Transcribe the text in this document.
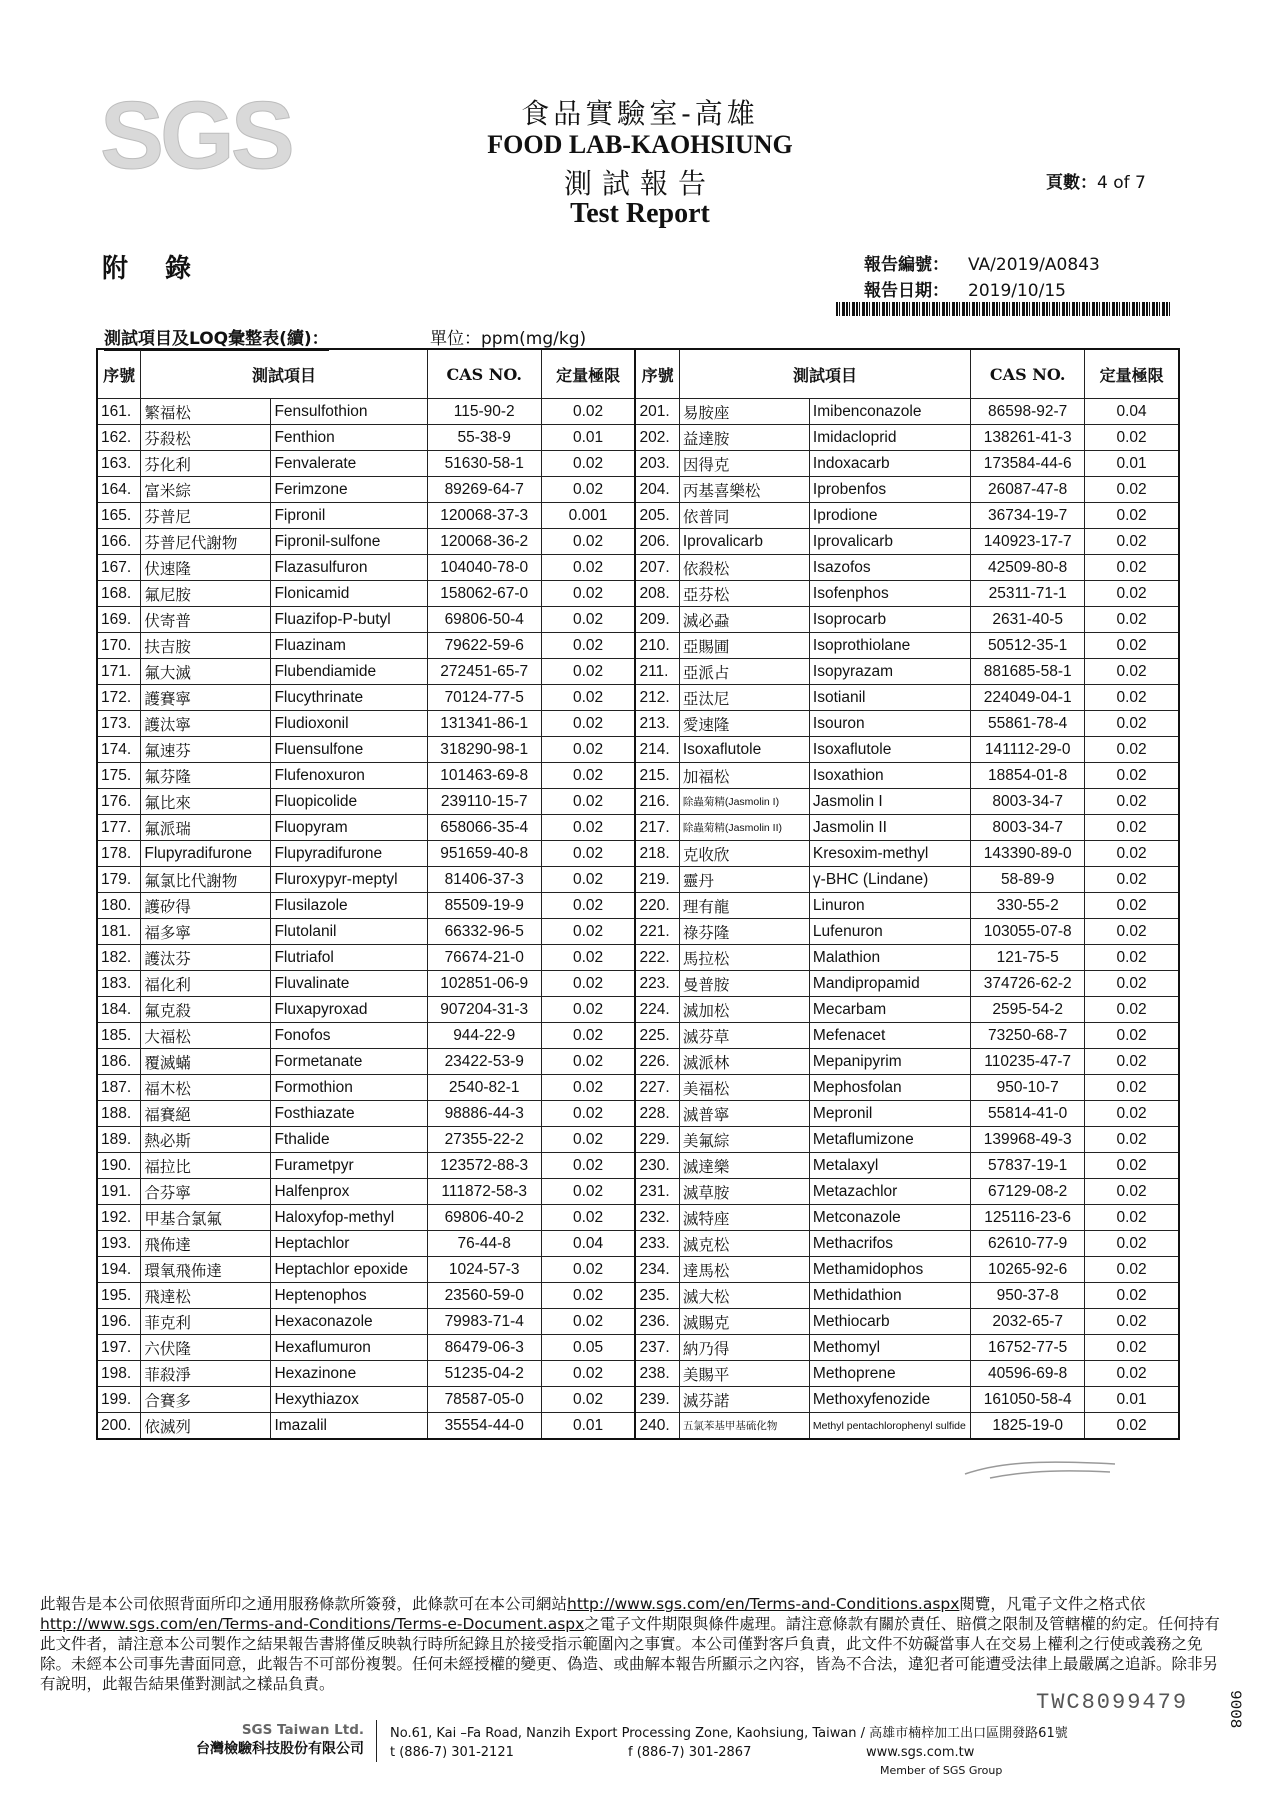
SGS	食品實驗室-高雄
FOOD LAB-KAOHSIUNG
測試報告
Test Report
頁數：4 of 7
附 錄	報告編號： VA/2019/A0843
報告日期： 2019/10/15
測試項目及LOQ彙整表(續)：	單位：ppm(mg/kg)
序號	測試項目		CAS NO.	定量極限	序號	測試項目		CAS NO.	定量極限
161.	繁福松	Fensulfothion	115-90-2	0.02	201.	易胺座	Imibenconazole	86598-92-7	0.04
162.	芬殺松	Fenthion	55-38-9	0.01	202.	益達胺	Imidacloprid	138261-41-3	0.02
163.	芬化利	Fenvalerate	51630-58-1	0.02	203.	因得克	Indoxacarb	173584-44-6	0.01
164.	富米綜	Ferimzone	89269-64-7	0.02	204.	丙基喜樂松	Iprobenfos	26087-47-8	0.02
165.	芬普尼	Fipronil	120068-37-3	0.001	205.	依普同	Iprodione	36734-19-7	0.02
166.	芬普尼代謝物	Fipronil-sulfone	120068-36-2	0.02	206.	Iprovalicarb	Iprovalicarb	140923-17-7	0.02
167.	伏速隆	Flazasulfuron	104040-78-0	0.02	207.	依殺松	Isazofos	42509-80-8	0.02
168.	氟尼胺	Flonicamid	158062-67-0	0.02	208.	亞芬松	Isofenphos	25311-71-1	0.02
169.	伏寄普	Fluazifop-P-butyl	69806-50-4	0.02	209.	滅必蝨	Isoprocarb	2631-40-5	0.02
170.	扶吉胺	Fluazinam	79622-59-6	0.02	210.	亞賜圃	Isoprothiolane	50512-35-1	0.02
171.	氟大滅	Flubendiamide	272451-65-7	0.02	211.	亞派占	Isopyrazam	881685-58-1	0.02
172.	護賽寧	Flucythrinate	70124-77-5	0.02	212.	亞汰尼	Isotianil	224049-04-1	0.02
173.	護汰寧	Fludioxonil	131341-86-1	0.02	213.	愛速隆	Isouron	55861-78-4	0.02
174.	氟速芬	Fluensulfone	318290-98-1	0.02	214.	Isoxaflutole	Isoxaflutole	141112-29-0	0.02
175.	氟芬隆	Flufenoxuron	101463-69-8	0.02	215.	加福松	Isoxathion	18854-01-8	0.02
176.	氟比來	Fluopicolide	239110-15-7	0.02	216.	除蟲菊精(Jasmolin I)	Jasmolin I	8003-34-7	0.02
177.	氟派瑞	Fluopyram	658066-35-4	0.02	217.	除蟲菊精(Jasmolin II)	Jasmolin II	8003-34-7	0.02
178.	Flupyradifurone	Flupyradifurone	951659-40-8	0.02	218.	克收欣	Kresoxim-methyl	143390-89-0	0.02
179.	氟氯比代謝物	Fluroxypyr-meptyl	81406-37-3	0.02	219.	靈丹	γ-BHC (Lindane)	58-89-9	0.02
180.	護矽得	Flusilazole	85509-19-9	0.02	220.	理有龍	Linuron	330-55-2	0.02
181.	福多寧	Flutolanil	66332-96-5	0.02	221.	祿芬隆	Lufenuron	103055-07-8	0.02
182.	護汰芬	Flutriafol	76674-21-0	0.02	222.	馬拉松	Malathion	121-75-5	0.02
183.	福化利	Fluvalinate	102851-06-9	0.02	223.	曼普胺	Mandipropamid	374726-62-2	0.02
184.	氟克殺	Fluxapyroxad	907204-31-3	0.02	224.	滅加松	Mecarbam	2595-54-2	0.02
185.	大福松	Fonofos	944-22-9	0.02	225.	滅芬草	Mefenacet	73250-68-7	0.02
186.	覆滅蟎	Formetanate	23422-53-9	0.02	226.	滅派林	Mepanipyrim	110235-47-7	0.02
187.	福木松	Formothion	2540-82-1	0.02	227.	美福松	Mephosfolan	950-10-7	0.02
188.	福賽絕	Fosthiazate	98886-44-3	0.02	228.	滅普寧	Mepronil	55814-41-0	0.02
189.	熱必斯	Fthalide	27355-22-2	0.02	229.	美氟綜	Metaflumizone	139968-49-3	0.02
190.	福拉比	Furametpyr	123572-88-3	0.02	230.	滅達樂	Metalaxyl	57837-19-1	0.02
191.	合芬寧	Halfenprox	111872-58-3	0.02	231.	滅草胺	Metazachlor	67129-08-2	0.02
192.	甲基合氯氟	Haloxyfop-methyl	69806-40-2	0.02	232.	滅特座	Metconazole	125116-23-6	0.02
193.	飛佈達	Heptachlor	76-44-8	0.04	233.	滅克松	Methacrifos	62610-77-9	0.02
194.	環氧飛佈達	Heptachlor epoxide	1024-57-3	0.02	234.	達馬松	Methamidophos	10265-92-6	0.02
195.	飛達松	Heptenophos	23560-59-0	0.02	235.	滅大松	Methidathion	950-37-8	0.02
196.	菲克利	Hexaconazole	79983-71-4	0.02	236.	滅賜克	Methiocarb	2032-65-7	0.02
197.	六伏隆	Hexaflumuron	86479-06-3	0.05	237.	納乃得	Methomyl	16752-77-5	0.02
198.	菲殺淨	Hexazinone	51235-04-2	0.02	238.	美賜平	Methoprene	40596-69-8	0.02
199.	合賽多	Hexythiazox	78587-05-0	0.02	239.	滅芬諾	Methoxyfenozide	161050-58-4	0.01
200.	依滅列	Imazalil	35554-44-0	0.01	240.	五氯苯基甲基硫化物	Methyl pentachlorophenyl sulfide	1825-19-0	0.02
此報告是本公司依照背面所印之通用服務條款所簽發，此條款可在本公司網站http://www.sgs.com/en/Terms-and-Conditions.aspx閱覽，凡電子文件之格式依http://www.sgs.com/en/Terms-and-Conditions/Terms-e-Document.aspx之電子文件期限與條件處理。請注意條款有關於責任、賠償之限制及管轄權的約定。任何持有此文件者，請注意本公司製作之結果報告書將僅反映執行時所紀錄且於接受指示範圍內之事實。本公司僅對客戶負責，此文件不妨礙當事人在交易上權利之行使或義務之免除。未經本公司事先書面同意，此報告不可部份複製。任何未經授權的變更、偽造、或曲解本報告所顯示之內容，皆為不合法，違犯者可能遭受法律上最嚴厲之追訴。除非另有說明，此報告結果僅對測試之樣品負責。
TWC8099479 9008
SGS Taiwan Ltd.
台灣檢驗科技股份有限公司
No.61, Kai –Fa Road, Nanzih Export Processing Zone, Kaohsiung, Taiwan / 高雄市楠梓加工出口區開發路61號
t (886-7) 301-2121	f (886-7) 301-2867	www.sgs.com.tw
Member of SGS Group
